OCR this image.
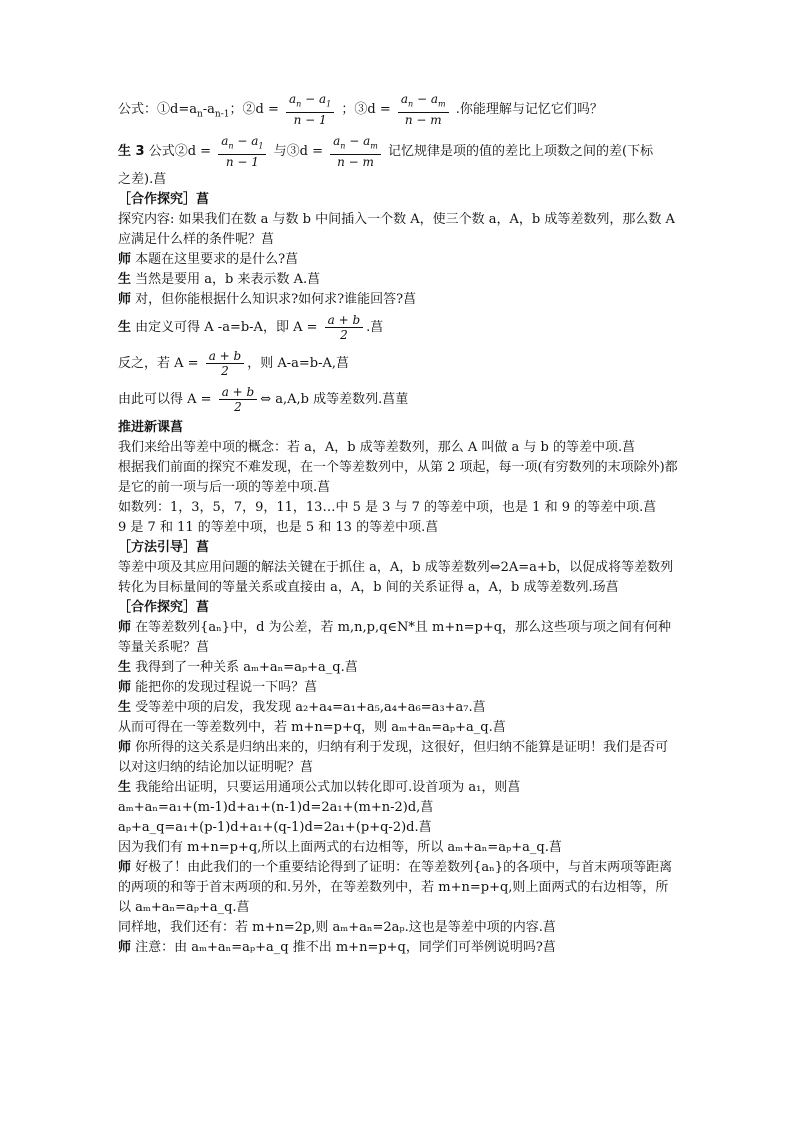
公式：$①d=a_n-a_{n-1}$；②d = $\frac{a_n - a_1}{n - 1}$ ；③d = $\frac{a_n - a_m}{n - m}$ .你能理解与记忆它们吗？
生 3 公式②d = $\frac{a_n - a_1}{n - 1}$ 与③d = $\frac{a_n - a_m}{n - m}$ 记忆规律是项的值的差比上项数之间的差(下标
之差).菖
［合作探究］菖
探究内容: 如果我们在数 a 与数 b 中间插入一个数 A，使三个数 a，A，b 成等差数列，那么数 A 应满足什么样的条件呢？菖
师 本题在这里要求的是什么?菖
生 当然是要用 a，b 来表示数 A.菖
师 对，但你能根据什么知识求?如何求?谁能回答?菖
生 由定义可得 A -a=b-A，即 $A = \frac{a + b}{2}$ .菖
反之，若 $A = \frac{a + b}{2}$ ，则 A-a=b-A,菖
由此可以得 $A = \frac{a + b}{2}$ ⇔ a,A,b 成等差数列.菖菫
推进新课菖
我们来给出等差中项的概念：若 a，A，b 成等差数列，那么 A 叫做 a 与 b 的等差中项.菖
根据我们前面的探究不难发现，在一个等差数列中，从第 2 项起，每一项(有穷数列的末项除外)都是它的前一项与后一项的等差中项.菖
如数列：1，3，5，7，9，11，13…中 5 是 3 与 7 的等差中项，也是 1 和 9 的等差中项.菖
9 是 7 和 11 的等差中项，也是 5 和 13 的等差中项.菖
［方法引导］菖
等差中项及其应用问题的解法关键在于抓住 a，A，b 成等差数列⇔2A=a+b，以促成将等差数列转化为目标量间的等量关系或直接由 a，A，b 间的关系证得 a，A，b 成等差数列.玚菖
［合作探究］菖
师 在等差数列{aₙ}中，d 为公差，若 m,n,p,q∈N*且 m+n=p+q，那么这些项与项之间有何种等量关系呢？菖
生 我得到了一种关系 aₘ+aₙ=aₚ+a_q.菖
师 能把你的发现过程说一下吗？菖
生 受等差中项的启发，我发现 a₂+a₄=a₁+a₅,a₄+a₆=a₃+a₇.菖
从而可得在一等差数列中，若 m+n=p+q，则 aₘ+aₙ=aₚ+a_q.菖
师 你所得的这关系是归纳出来的，归纳有利于发现，这很好，但归纳不能算是证明！我们是否可以对这归纳的结论加以证明呢？菖
生 我能给出证明，只要运用通项公式加以转化即可.设首项为 a₁，则菖
aₘ+aₙ=a₁+(m-1)d+a₁+(n-1)d=2a₁+(m+n-2)d,菖
aₚ+a_q=a₁+(p-1)d+a₁+(q-1)d=2a₁+(p+q-2)d.菖
因为我们有 m+n=p+q,所以上面两式的右边相等，所以 aₘ+aₙ=aₚ+a_q.菖
师 好极了！由此我们的一个重要结论得到了证明：在等差数列{aₙ}的各项中，与首末两项等距离的两项的和等于首末两项的和.另外，在等差数列中，若 m+n=p+q,则上面两式的右边相等，所以 aₘ+aₙ=aₚ+a_q.菖
同样地，我们还有：若 m+n=2p,则 aₘ+aₙ=2aₚ.这也是等差中项的内容.菖
师 注意：由 aₘ+aₙ=aₚ+a_q 推不出 m+n=p+q，同学们可举例说明吗?菖
